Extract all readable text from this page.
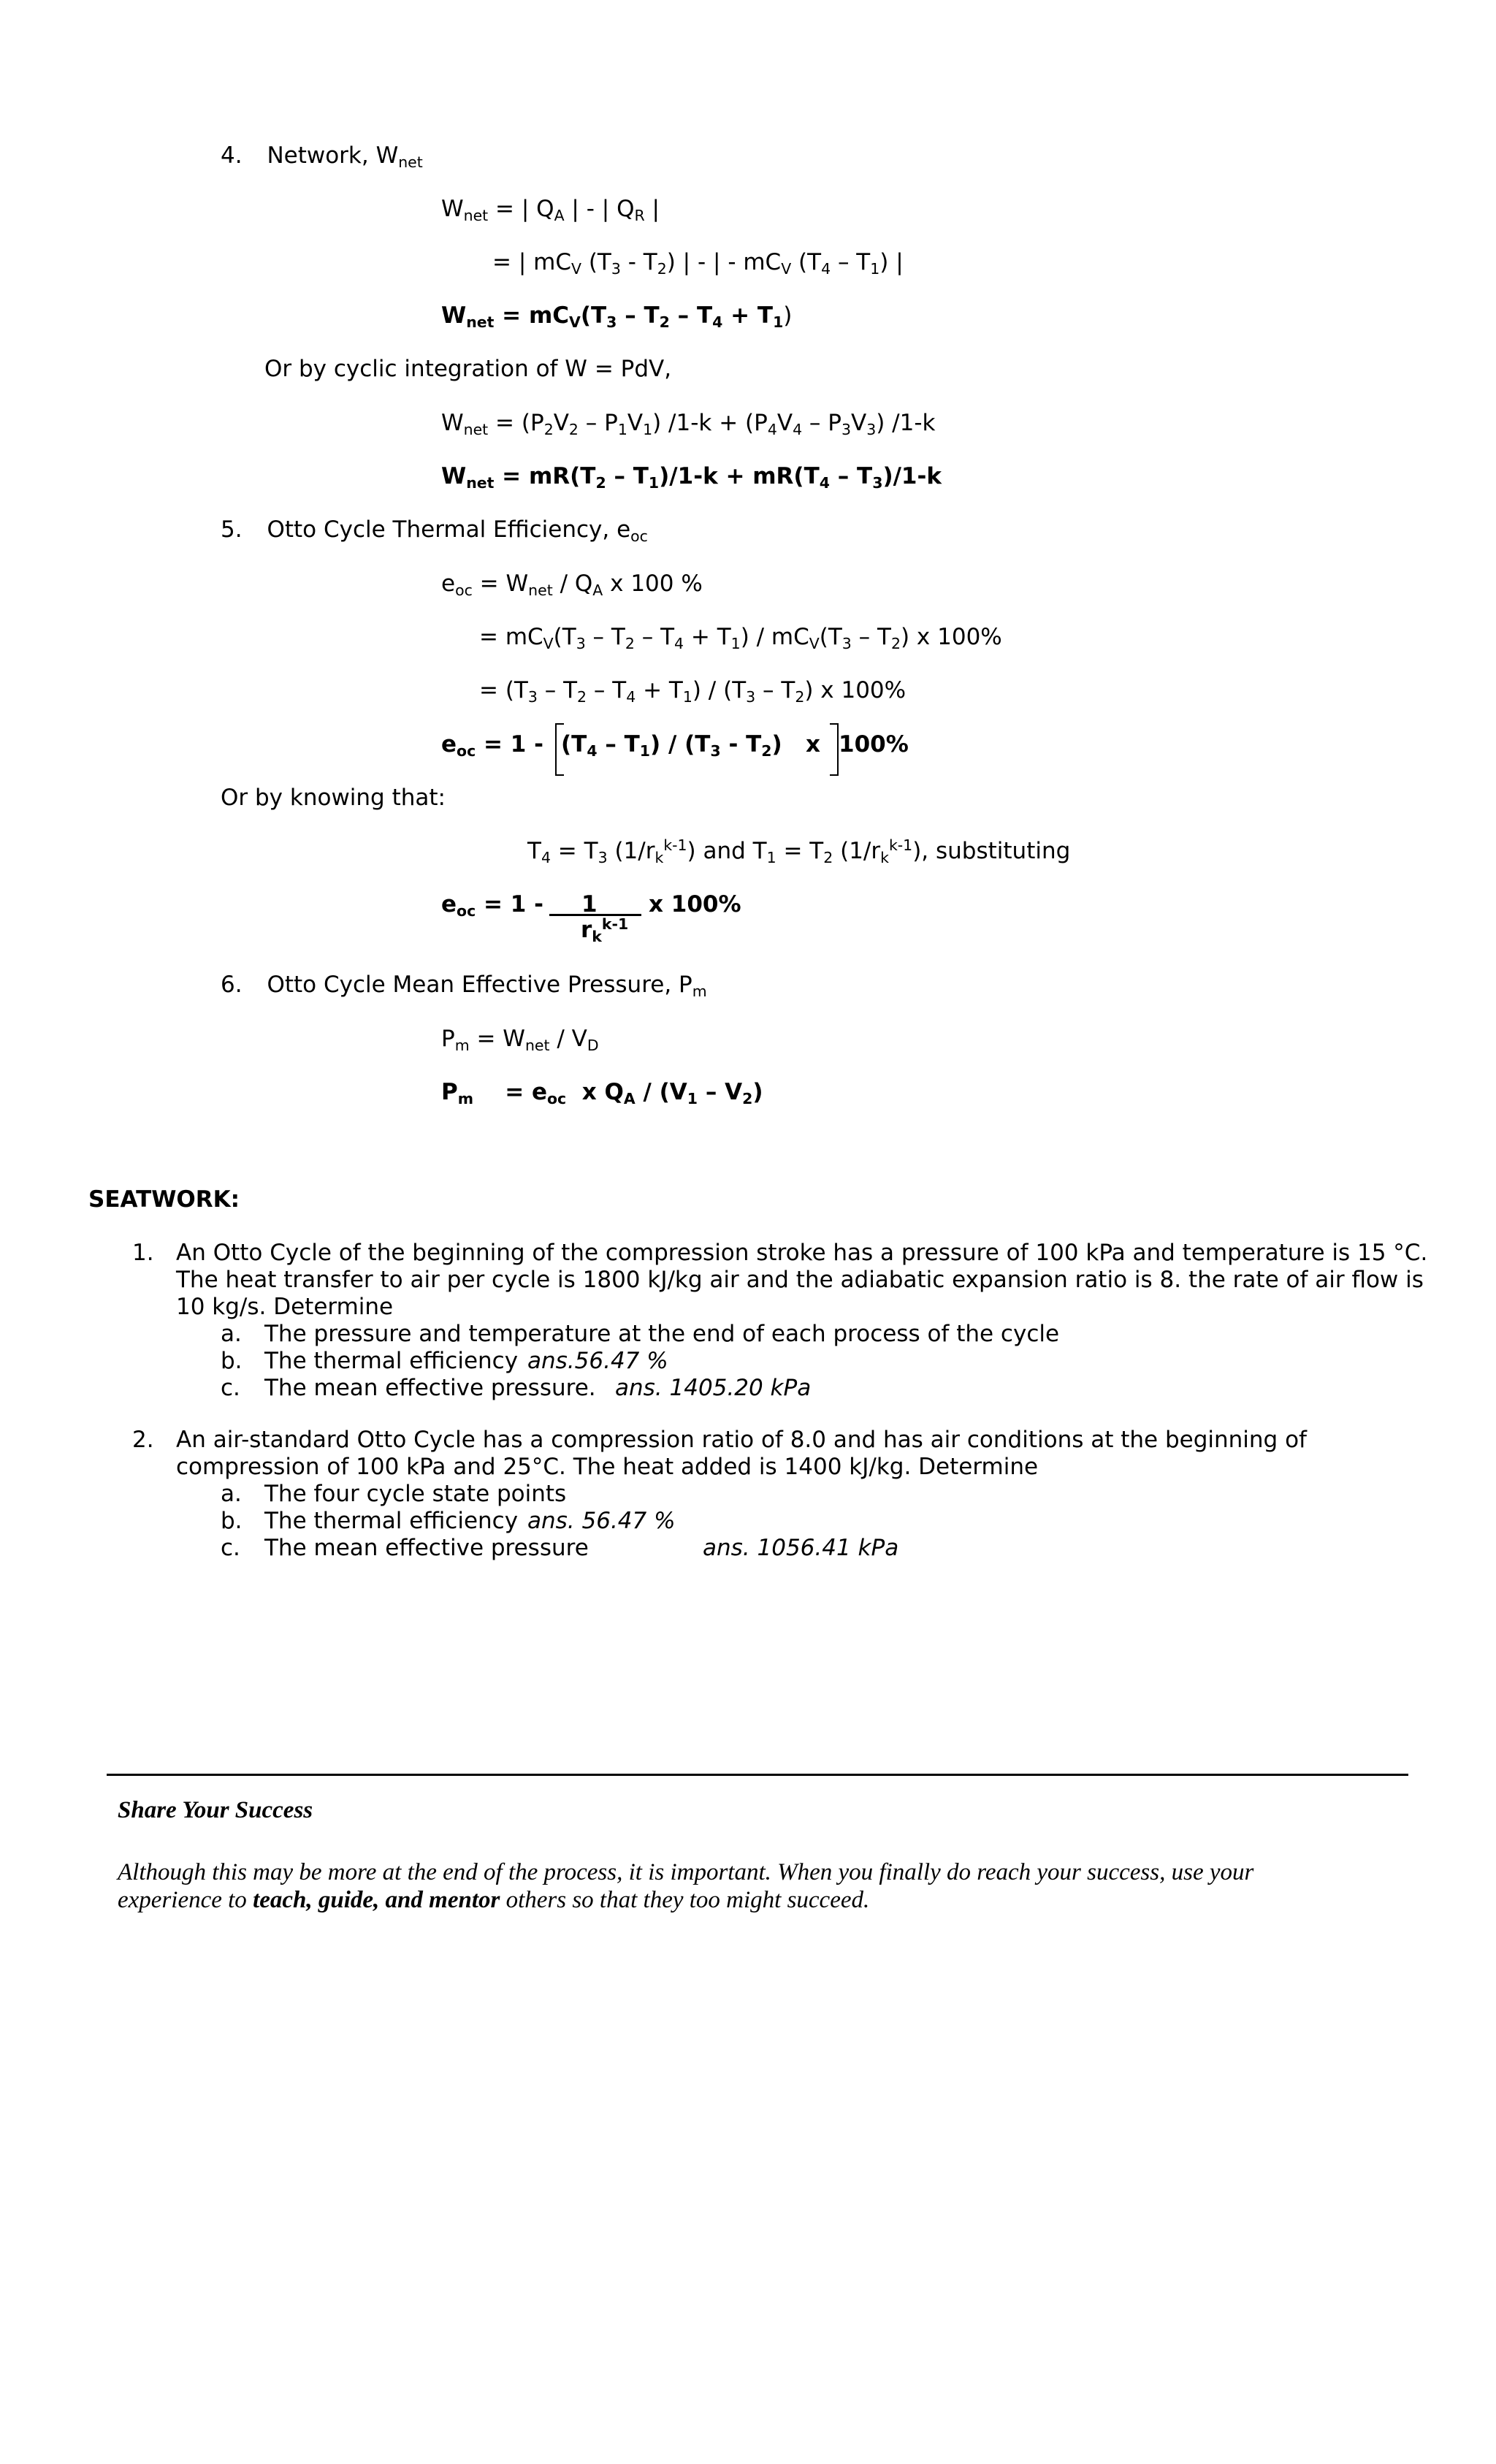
4. Network, $W_{net}$
$W_{net}$ = | $Q_A$ | - | $Q_R$ |
= | $mC_V$ $(T_3 - T_2)$ | - | - $mC_V$ $(T_4 - T_1)$ |
$W_{net} = mC_V(T_3 - T_2 - T_4 + T_1)$
Or by cyclic integration of W = PdV,
$W_{net} = (P_2V_2 - P_1V_1) /1-k + (P_4V_4 - P_3V_3)$ /1-k
$W_{net} = mR(T_2 - T_1)/1-k + mR(T_4 - T_3)/1-k$
5. Otto Cycle Thermal Efficiency, $e_{oc}$
$e_{oc} = W_{net} / Q_A$ x 100 %
= $mC_V(T_3 - T_2 - T_4 + T_1) / mC_V(T_3 - T_2)$ x 100%
= $(T_3 - T_2 - T_4 + T_1) / (T_3 - T_2)$ x 100%
$e_{oc} = 1 - (T_4 - T_1) / (T_3 - T_2)$   x 100%
Or by knowing that:
$T_4 = T_3$ $(1/r_k^{k-1})$ and $T_1 = T_2$ $(1/r_k^{k-1})$, substituting
$e_{oc} = 1 - 1$
$r_k^{k-1}$
x 100%
6. Otto Cycle Mean Effective Pressure, $P_m$
$P_m = W_{net} / V_D$
$P_m$    = $e_{oc}$  x $Q_A / (V_1 - V_2)$
SEATWORK:
1. An Otto Cycle of the beginning of the compression stroke has a pressure of 100 kPa and temperature is 15 °C.
The heat transfer to air per cycle is 1800 kJ/kg air and the adiabatic expansion ratio is 8. the rate of air flow is
10 kg/s. Determine
a. The pressure and temperature at the end of each process of the cycle
b. The thermal efficiency ans.56.47 %
c. The mean effective pressure. ans. 1405.20 kPa
2. An air-standard Otto Cycle has a compression ratio of 8.0 and has air conditions at the beginning of
compression of 100 kPa and 25°C. The heat added is 1400 kJ/kg. Determine
a. The four cycle state points
b. The thermal efficiency ans. 56.47 %
c. The mean effective pressure	ans. 1056.41 kPa
Share Your Success
Although this may be more at the end of the process, it is important. When you finally do reach your success, use your
experience to teach, guide, and mentor others so that they too might succeed.
